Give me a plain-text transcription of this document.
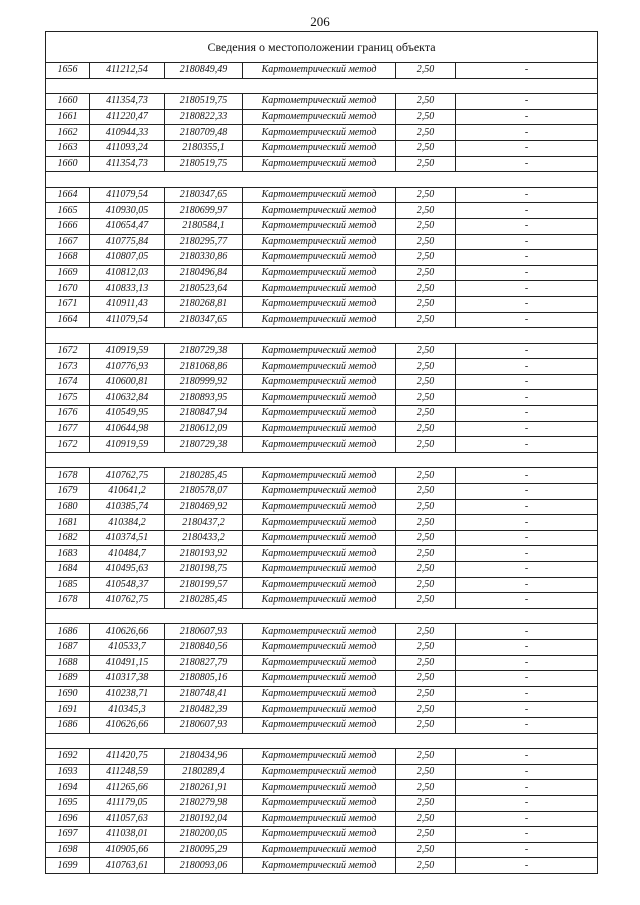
206
Сведения о местоположении границ объекта					
1656	411212,54	2180849,49	Картометрический метод	2,50	-

1660	411354,73	2180519,75	Картометрический метод	2,50	-
1661	411220,47	2180822,33	Картометрический метод	2,50	-
1662	410944,33	2180709,48	Картометрический метод	2,50	-
1663	411093,24	2180355,1	Картометрический метод	2,50	-
1660	411354,73	2180519,75	Картометрический метод	2,50	-

1664	411079,54	2180347,65	Картометрический метод	2,50	-
1665	410930,05	2180699,97	Картометрический метод	2,50	-
1666	410654,47	2180584,1	Картометрический метод	2,50	-
1667	410775,84	2180295,77	Картометрический метод	2,50	-
1668	410807,05	2180330,86	Картометрический метод	2,50	-
1669	410812,03	2180496,84	Картометрический метод	2,50	-
1670	410833,13	2180523,64	Картометрический метод	2,50	-
1671	410911,43	2180268,81	Картометрический метод	2,50	-
1664	411079,54	2180347,65	Картометрический метод	2,50	-

1672	410919,59	2180729,38	Картометрический метод	2,50	-
1673	410776,93	2181068,86	Картометрический метод	2,50	-
1674	410600,81	2180999,92	Картометрический метод	2,50	-
1675	410632,84	2180893,95	Картометрический метод	2,50	-
1676	410549,95	2180847,94	Картометрический метод	2,50	-
1677	410644,98	2180612,09	Картометрический метод	2,50	-
1672	410919,59	2180729,38	Картометрический метод	2,50	-

1678	410762,75	2180285,45	Картометрический метод	2,50	-
1679	410641,2	2180578,07	Картометрический метод	2,50	-
1680	410385,74	2180469,92	Картометрический метод	2,50	-
1681	410384,2	2180437,2	Картометрический метод	2,50	-
1682	410374,51	2180433,2	Картометрический метод	2,50	-
1683	410484,7	2180193,92	Картометрический метод	2,50	-
1684	410495,63	2180198,75	Картометрический метод	2,50	-
1685	410548,37	2180199,57	Картометрический метод	2,50	-
1678	410762,75	2180285,45	Картометрический метод	2,50	-

1686	410626,66	2180607,93	Картометрический метод	2,50	-
1687	410533,7	2180840,56	Картометрический метод	2,50	-
1688	410491,15	2180827,79	Картометрический метод	2,50	-
1689	410317,38	2180805,16	Картометрический метод	2,50	-
1690	410238,71	2180748,41	Картометрический метод	2,50	-
1691	410345,3	2180482,39	Картометрический метод	2,50	-
1686	410626,66	2180607,93	Картометрический метод	2,50	-

1692	411420,75	2180434,96	Картометрический метод	2,50	-
1693	411248,59	2180289,4	Картометрический метод	2,50	-
1694	411265,66	2180261,91	Картометрический метод	2,50	-
1695	411179,05	2180279,98	Картометрический метод	2,50	-
1696	411057,63	2180192,04	Картометрический метод	2,50	-
1697	411038,01	2180200,05	Картометрический метод	2,50	-
1698	410905,66	2180095,29	Картометрический метод	2,50	-
1699	410763,61	2180093,06	Картометрический метод	2,50	-
